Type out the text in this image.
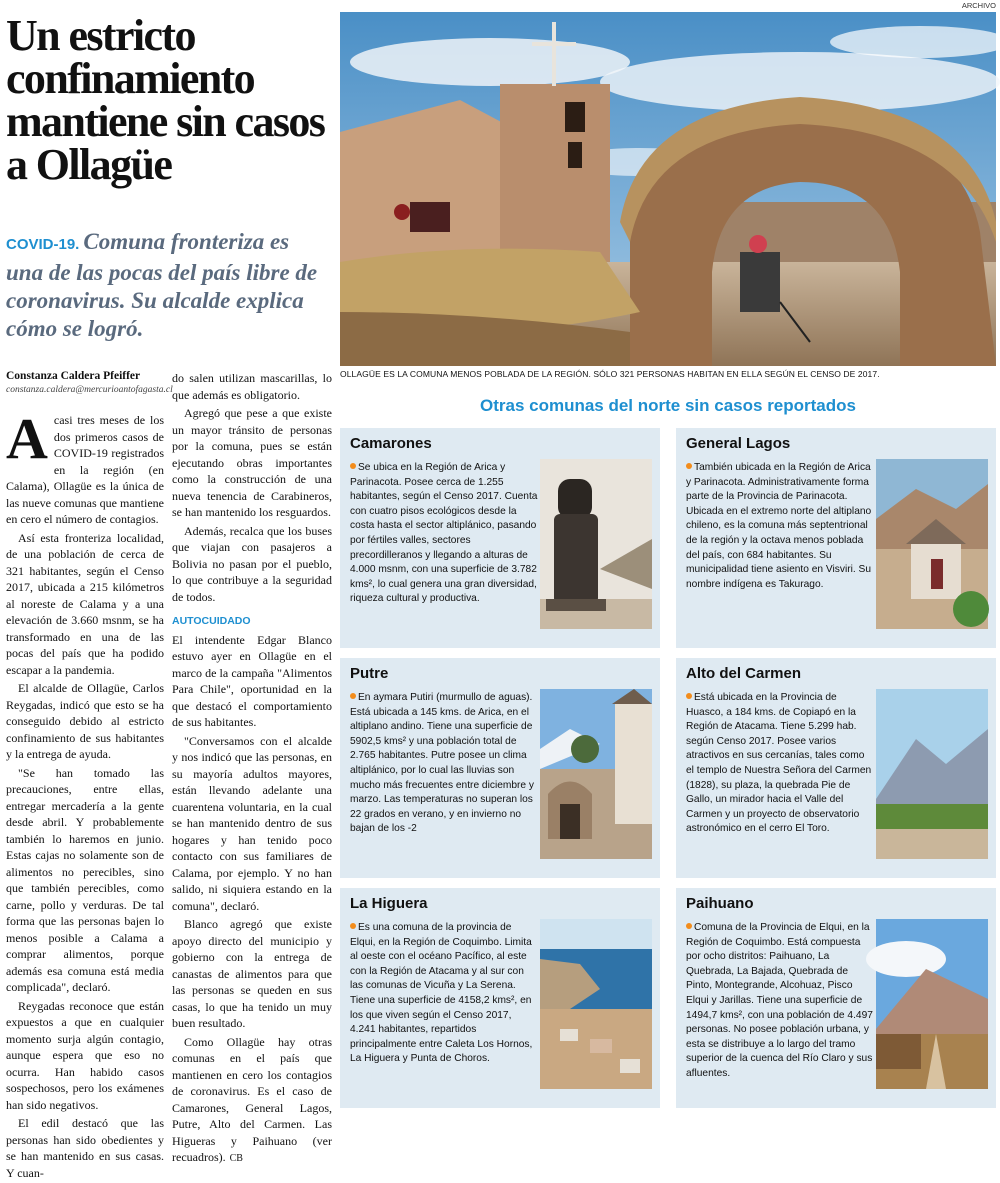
Un estricto confinamiento mantiene sin casos a Ollagüe
COVID-19. Comuna fronteriza es una de las pocas del país libre de coronavirus. Su alcalde explica cómo se logró.
Constanza Caldera Pfeiffer
constanza.caldera@mercurioantofagasta.cl

Acasi tres meses de los dos primeros casos de COVID-19 registrados en la región (en Calama), Ollagüe es la única de las nueve comunas que mantiene en cero el número de contagios.

Así esta fronteriza localidad, de una población de cerca de 321 habitantes, según el Censo 2017, ubicada a 215 kilómetros al noreste de Calama y a una elevación de 3.660 msnm, se ha transformado en una de las pocas del país que ha podido escapar a la pandemia.

El alcalde de Ollagüe, Carlos Reygadas, indicó que esto se ha conseguido debido al estricto confinamiento de sus habitantes y la entrega de ayuda.

"Se han tomado las precauciones, entre ellas, entregar mercadería a la gente desde abril. Y probablemente también lo haremos en junio. Estas cajas no solamente son de alimentos no perecibles, sino que también perecibles, como carne, pollo y verduras. De tal forma que las personas bajen lo menos posible a Calama a comprar alimentos, porque además esa comuna está media complicada", declaró.

Reygadas reconoce que están expuestos a que en cualquier momento surja algún contagio, aunque espera que eso no ocurra. Han habido casos sospechosos, pero los exámenes han sido negativos.

El edil destacó que las personas han sido obedientes y se han mantenido en sus casas. Y cuan-

do salen utilizan mascarillas, lo que además es obligatorio.

Agregó que pese a que existe un mayor tránsito de personas por la comuna, pues se están ejecutando obras importantes como la construcción de una nueva tenencia de Carabineros, se han mantenido los resguardos.

Además, recalca que los buses que viajan con pasajeros a Bolivia no pasan por el pueblo, lo que contribuye a la seguridad de todos.

AUTOCUIDADO

El intendente Edgar Blanco estuvo ayer en Ollagüe en el marco de la campaña "Alimentos Para Chile", oportunidad en la que destacó el comportamiento de sus habitantes.

"Conversamos con el alcalde y nos indicó que las personas, en su mayoría adultos mayores, están llevando adelante una cuarentena voluntaria, en la cual se han mantenido dentro de sus hogares y han tenido poco contacto con sus familiares de Calama, por ejemplo. Y no han salido, ni siquiera estando en la comuna", declaró.

Blanco agregó que existe apoyo directo del municipio y gobierno con la entrega de canastas de alimentos para que las personas se queden en sus casas, lo que ha tenido un muy buen resultado.

Como Ollagüe hay otras comunas en el país que mantienen en cero los contagios de coronavirus. Es el caso de Camarones, General Lagos, Putre, Alto del Carmen. Las Higueras y Paihuano (ver recuadros). CB

ARCHIVO
OLLAGÜE ES LA COMUNA MENOS POBLADA DE LA REGIÓN. SÓLO 321 PERSONAS HABITAN EN ELLA SEGÚN EL CENSO DE 2017.
Otras comunas del norte sin casos reportados
Camarones
Se ubica en la Región de Arica y Parinacota. Posee cerca de 1.255 habitantes, según el Censo 2017. Cuenta con cuatro pisos ecológicos desde la costa hasta el sector altiplánico, pasando por fértiles valles, sectores precordilleranos y llegando a alturas de 4.000 msnm, con una superficie de 3.782 kms², lo cual genera una gran diversidad, riqueza cultural y productiva.
General Lagos
También ubicada en la Región de Arica y Parinacota. Administrativamente forma parte de la Provincia de Parinacota. Ubicada en el extremo norte del altiplano chileno, es la comuna más septentrional de la región y la octava menos poblada del país, con 684 habitantes. Su municipalidad tiene asiento en Visviri. Su nombre indígena es Takurago.
Putre
En aymara Putiri (murmullo de aguas). Está ubicada a 145 kms. de Arica, en el altiplano andino. Tiene una superficie de 5902,5 kms² y una población total de 2.765 habitantes. Putre posee un clima altiplánico, por lo cual las lluvias son mucho más frecuentes entre diciembre y marzo. Las temperaturas no superan los 22 grados en verano, y en invierno no bajan de los -2
Alto del Carmen
Está ubicada en la Provincia de Huasco, a 184 kms. de Copiapó en la Región de Atacama. Tiene 5.299 hab. según Censo 2017. Posee varios atractivos en sus cercanías, tales como el templo de Nuestra Señora del Carmen (1828), su plaza, la quebrada Pie de Gallo, un mirador hacia el Valle del Carmen y un proyecto de observatorio astronómico en el cerro El Toro.
La Higuera
Es una comuna de la provincia de Elqui, en la Región de Coquimbo. Limita al oeste con el océano Pacífico, al este con la Región de Atacama y al sur con las comunas de Vicuña y La Serena. Tiene una superficie de 4158,2 kms², en los que viven según el Censo 2017, 4.241 habitantes, repartidos principalmente entre Caleta Los Hornos, La Higuera y Punta de Choros.
Paihuano
Comuna de la Provincia de Elqui, en la Región de Coquimbo. Está compuesta por ocho distritos: Paihuano, La Quebrada, La Bajada, Quebrada de Pinto, Montegrande, Alcohuaz, Pisco Elqui y Jarillas. Tiene una superficie de 1494,7 kms², con una población de 4.497 personas. No posee población urbana, y esta se distribuye a lo largo del tramo superior de la cuenca del Río Claro y sus afluentes.
